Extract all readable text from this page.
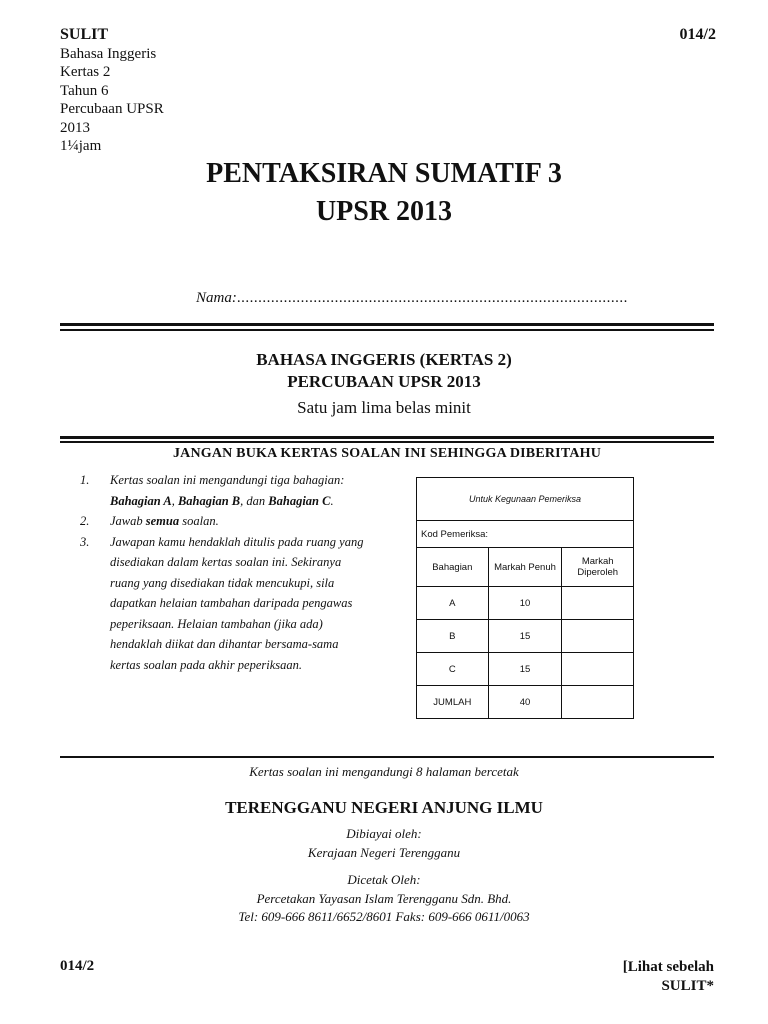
SULIT
Bahasa Inggeris
Kertas 2
Tahun 6
Percubaan UPSR
2013
1¼jam
014/2
PENTAKSIRAN SUMATIF 3
UPSR 2013
Nama:............................................................................................
BAHASA INGGERIS (KERTAS 2)
PERCUBAAN UPSR 2013
Satu jam lima belas minit
JANGAN BUKA KERTAS SOALAN INI SEHINGGA DIBERITAHU
1.	Kertas soalan ini mengandungi tiga bahagian: Bahagian A, Bahagian B, dan Bahagian C.
2.	Jawab semua soalan.
3.	Jawapan kamu hendaklah ditulis pada ruang yang disediakan dalam kertas soalan ini. Sekiranya ruang yang disediakan tidak mencukupi, sila dapatkan helaian tambahan daripada pengawas peperiksaan. Helaian tambahan (jika ada) hendaklah diikat dan dihantar bersama-sama kertas soalan pada akhir peperiksaan.
Untuk Kegunaan Pemeriksa		
Kod Pemeriksa:		
Bahagian	Markah Penuh	Markah Diperoleh
A	10	
B	15	
C	15	
JUMLAH	40	
Kertas soalan ini mengandungi 8 halaman bercetak
TERENGGANU NEGERI ANJUNG ILMU
Dibiayai oleh:
Kerajaan Negeri Terengganu
Dicetak Oleh:
Percetakan Yayasan Islam Terengganu Sdn. Bhd.
Tel: 609-666 8611/6652/8601 Faks: 609-666 0611/0063
014/2	[Lihat sebelah
SULIT*
